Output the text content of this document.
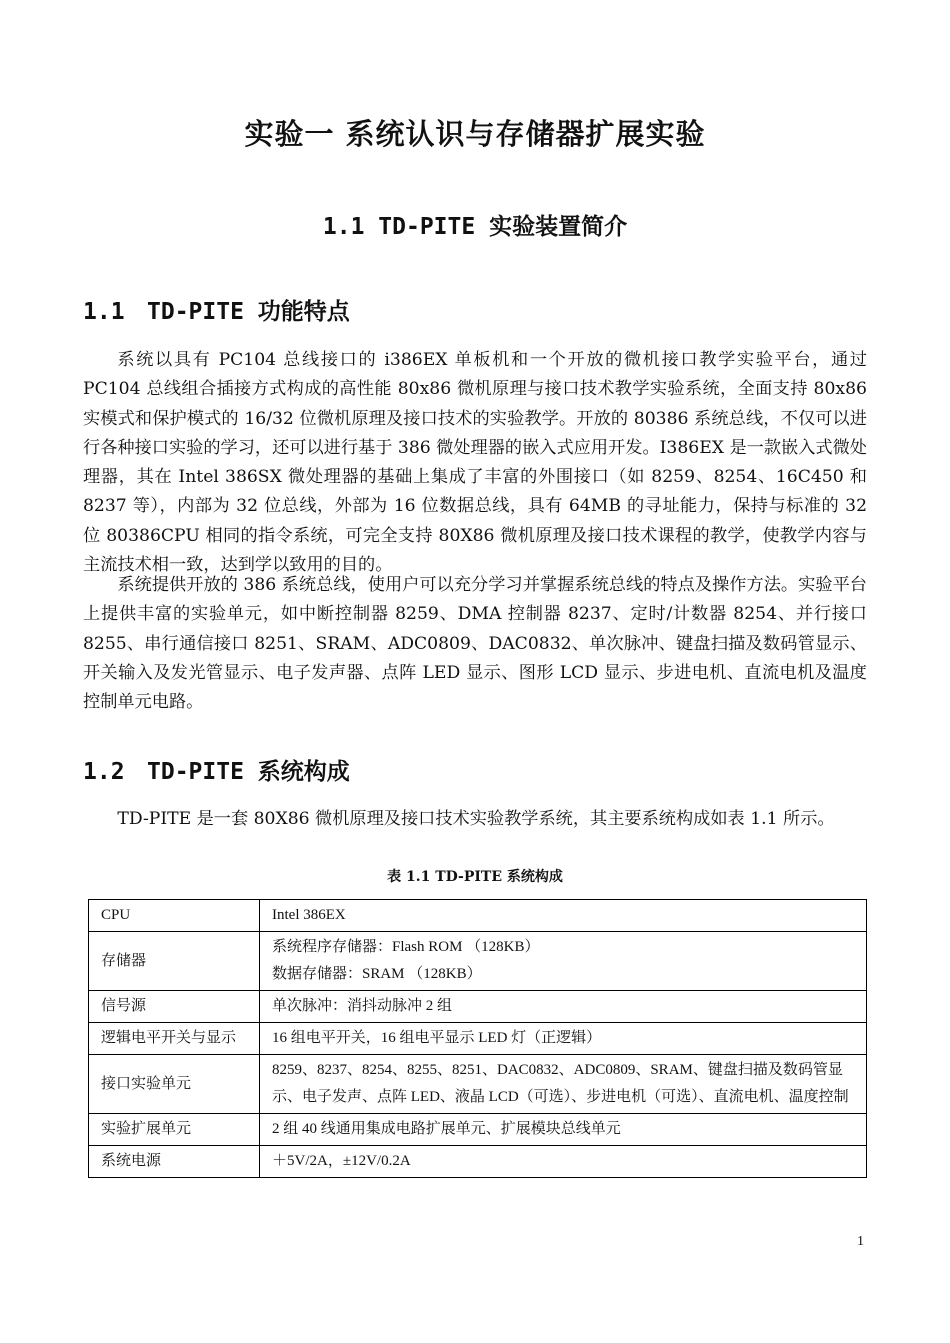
实验一 系统认识与存储器扩展实验
1.1 TD-PITE 实验装置简介
1.1 TD-PITE 功能特点

系统以具有 PC104 总线接口的 i386EX 单板机和一个开放的微机接口教学实验平台，通过 PC104 总线组合插接方式构成的高性能 80x86 微机原理与接口技术教学实验系统，全面支持 80x86 实模式和保护模式的 16/32 位微机原理及接口技术的实验教学。开放的 80386 系统总线，不仅可以进行各种接口实验的学习，还可以进行基于 386 微处理器的嵌入式应用开发。I386EX 是一款嵌入式微处理器，其在 Intel 386SX 微处理器的基础上集成了丰富的外围接口（如 8259、8254、16C450 和 8237 等），内部为 32 位总线，外部为 16 位数据总线，具有 64MB 的寻址能力，保持与标准的 32 位 80386CPU 相同的指令系统，可完全支持 80X86 微机原理及接口技术课程的教学，使教学内容与主流技术相一致，达到学以致用的目的。

系统提供开放的 386 系统总线，使用户可以充分学习并掌握系统总线的特点及操作方法。实验平台上提供丰富的实验单元，如中断控制器 8259、DMA 控制器 8237、定时/计数器 8254、并行接口 8255、串行通信接口 8251、SRAM、ADC0809、DAC0832、单次脉冲、键盘扫描及数码管显示、开关输入及发光管显示、电子发声器、点阵 LED 显示、图形 LCD 显示、步进电机、直流电机及温度控制单元电路。

1.2 TD-PITE 系统构成

TD-PITE 是一套 80X86 微机原理及接口技术实验教学系统，其主要系统构成如表 1.1 所示。

表 1.1 TD-PITE 系统构成
CPU	Intel 386EX

存储器	系统程序存储器：Flash ROM （128KB）
数据存储器：SRAM （128KB）

信号源	单次脉冲：消抖动脉冲 2 组

逻辑电平开关与显示	16 组电平开关，16 组电平显示 LED 灯（正逻辑）

接口实验单元	8259、8237、8254、8255、8251、DAC0832、ADC0809、SRAM、键盘扫描及数码管显示、电子发声、点阵 LED、液晶 LCD（可选）、步进电机（可选）、直流电机、温度控制

实验扩展单元	2 组 40 线通用集成电路扩展单元、扩展模块总线单元

系统电源	＋5V/2A，±12V/0.2A
1
